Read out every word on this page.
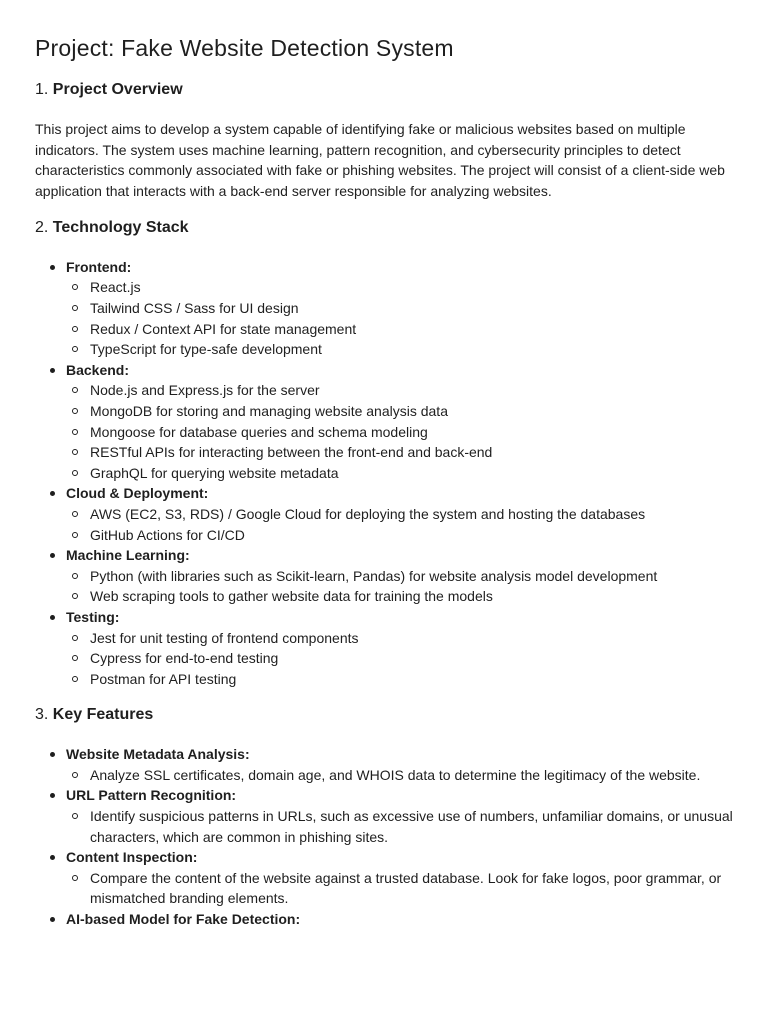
Project: Fake Website Detection System
1. Project Overview

This project aims to develop a system capable of identifying fake or malicious websites based on multiple indicators. The system uses machine learning, pattern recognition, and cybersecurity principles to detect characteristics commonly associated with fake or phishing websites. The project will consist of a client-side web application that interacts with a back-end server responsible for analyzing websites.

2. Technology Stack
Frontend:
React.js
Tailwind CSS / Sass for UI design
Redux / Context API for state management
TypeScript for type-safe development
Backend:
Node.js and Express.js for the server
MongoDB for storing and managing website analysis data
Mongoose for database queries and schema modeling
RESTful APIs for interacting between the front-end and back-end
GraphQL for querying website metadata
Cloud & Deployment:
AWS (EC2, S3, RDS) / Google Cloud for deploying the system and hosting the databases
GitHub Actions for CI/CD
Machine Learning:
Python (with libraries such as Scikit-learn, Pandas) for website analysis model development
Web scraping tools to gather website data for training the models
Testing:
Jest for unit testing of frontend components
Cypress for end-to-end testing
Postman for API testing
3. Key Features
Website Metadata Analysis:
Analyze SSL certificates, domain age, and WHOIS data to determine the legitimacy of the website.
URL Pattern Recognition:
Identify suspicious patterns in URLs, such as excessive use of numbers, unfamiliar domains, or unusual characters, which are common in phishing sites.
Content Inspection:
Compare the content of the website against a trusted database. Look for fake logos, poor grammar, or mismatched branding elements.
AI-based Model for Fake Detection:
